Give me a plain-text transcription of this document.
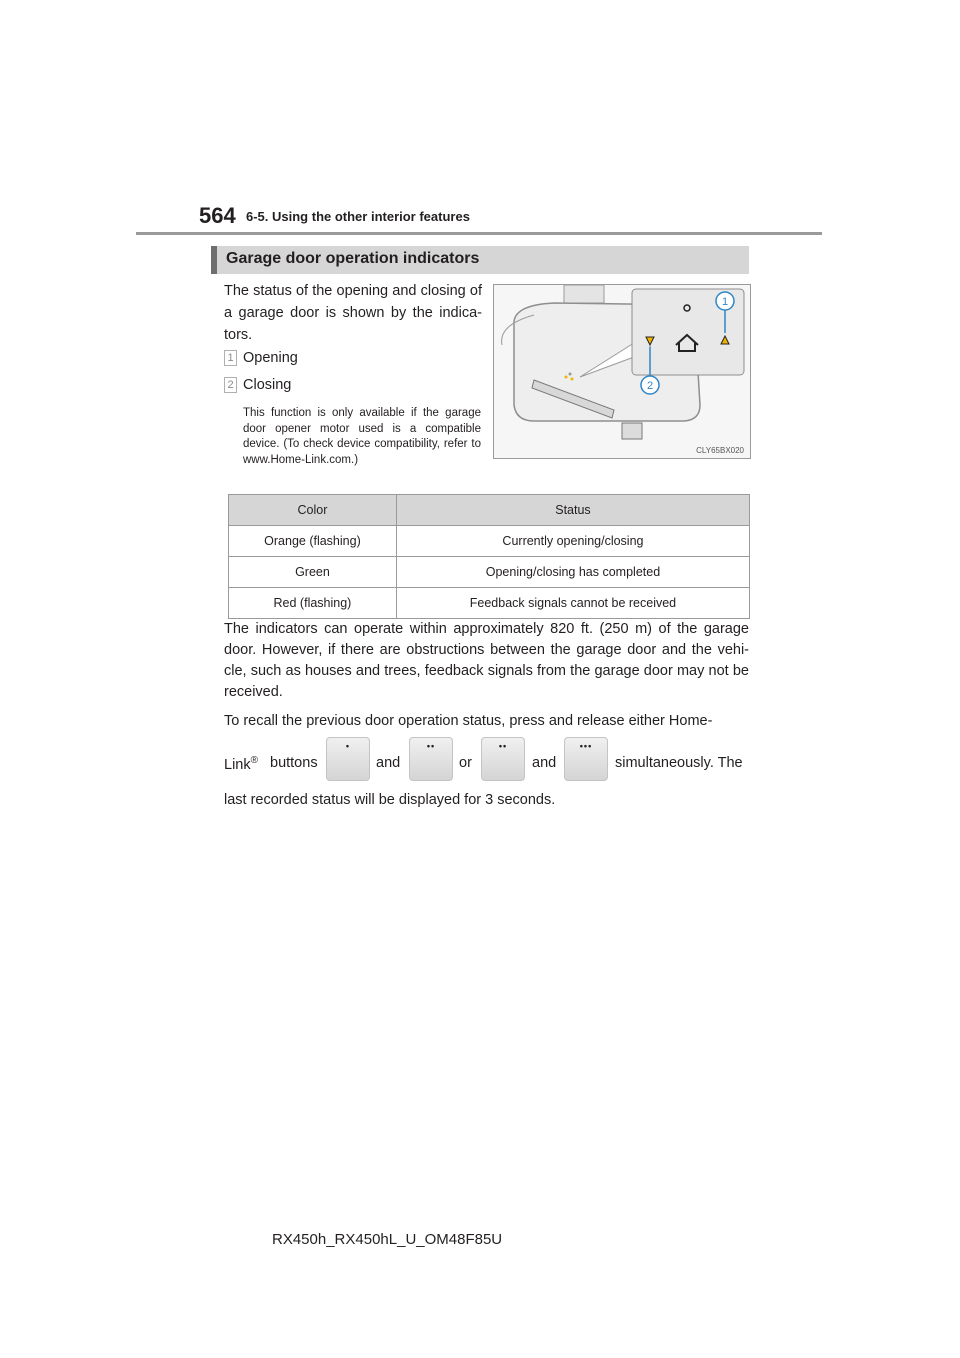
564 6-5. Using the other interior features
Garage door operation indicators
The status of the opening and closing of a garage door is shown by the indica-tors.
1 Opening
2 Closing
This function is only available if the garage door opener motor used is a compatible device. (To check device compatibility, refer to www.Home-Link.com.)
1
2
CLY65BX020
Color	Status
Orange (flashing)	Currently opening/closing
Green	Opening/closing has completed
Red (flashing)	Feedback signals cannot be received
The indicators can operate within approximately 820 ft. (250 m) of the garage door. However, if there are obstructions between the garage door and the vehi-cle, such as houses and trees, feedback signals from the garage door may not be received.
To recall the previous door operation status, press and release either Home-
Link® buttons
•
and
••
or
••
and
•••
simultaneously. The
last recorded status will be displayed for 3 seconds.
RX450h_RX450hL_U_OM48F85U
